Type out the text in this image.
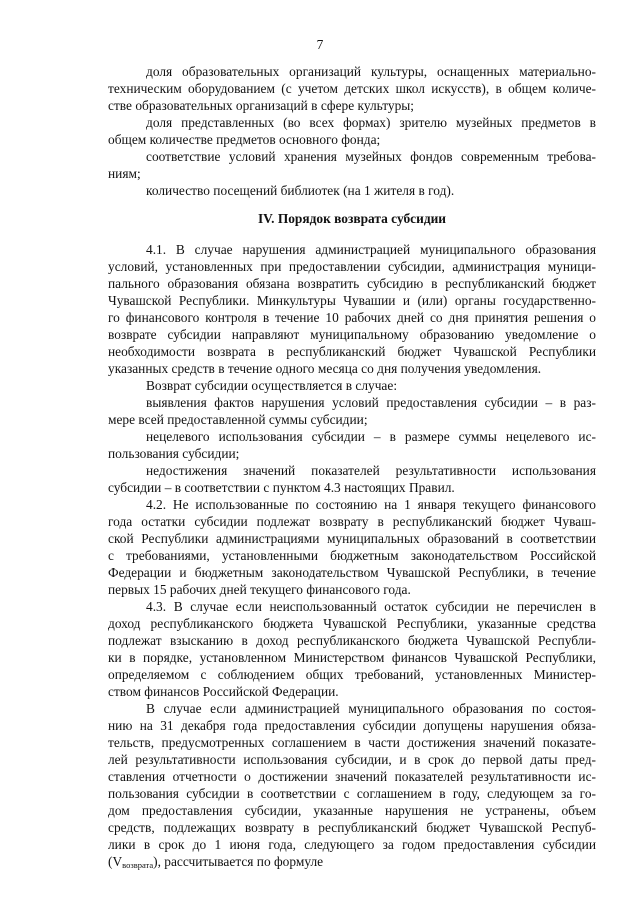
7
доля образовательных организаций культуры, оснащенных материально-
техническим оборудованием (с учетом детских школ искусств), в общем количе-
стве образовательных организаций в сфере культуры;
доля представленных (во всех формах) зрителю музейных предметов в
общем количестве предметов основного фонда;
соответствие условий хранения музейных фондов современным требова-
ниям;
количество посещений библиотек (на 1 жителя в год).
IV. Порядок возврата субсидии
4.1. В случае нарушения администрацией муниципального образования
условий, установленных при предоставлении субсидии, администрация муници-
пального образования обязана возвратить субсидию в республиканский бюджет
Чувашской Республики. Минкультуры Чувашии и (или) органы государственно-
го финансового контроля в течение 10 рабочих дней со дня принятия решения о
возврате субсидии направляют муниципальному образованию уведомление о
необходимости возврата в республиканский бюджет Чувашской Республики
указанных средств в течение одного месяца со дня получения уведомления.
Возврат субсидии осуществляется в случае:
выявления фактов нарушения условий предоставления субсидии – в раз-
мере всей предоставленной суммы субсидии;
нецелевого использования субсидии – в размере суммы нецелевого ис-
пользования субсидии;
недостижения значений показателей результативности использования
субсидии – в соответствии с пунктом 4.3 настоящих Правил.
4.2. Не использованные по состоянию на 1 января текущего финансового
года остатки субсидии подлежат возврату в республиканский бюджет Чуваш-
ской Республики администрациями муниципальных образований в соответствии
с требованиями, установленными бюджетным законодательством Российской
Федерации и бюджетным законодательством Чувашской Республики, в течение
первых 15 рабочих дней текущего финансового года.
4.3. В случае если неиспользованный остаток субсидии не перечислен в
доход республиканского бюджета Чувашской Республики, указанные средства
подлежат взысканию в доход республиканского бюджета Чувашской Республи-
ки в порядке, установленном Министерством финансов Чувашской Республики,
определяемом с соблюдением общих требований, установленных Министер-
ством финансов Российской Федерации.
В случае если администрацией муниципального образования по состоя-
нию на 31 декабря года предоставления субсидии допущены нарушения обяза-
тельств, предусмотренных соглашением в части достижения значений показате-
лей результативности использования субсидии, и в срок до первой даты пред-
ставления отчетности о достижении значений показателей результативности ис-
пользования субсидии в соответствии с соглашением в году, следующем за го-
дом предоставления субсидии, указанные нарушения не устранены, объем
средств, подлежащих возврату в республиканский бюджет Чувашской Респуб-
лики в срок до 1 июня года, следующего за годом предоставления субсидии
$(V_{возврата})$, рассчитывается по формуле
